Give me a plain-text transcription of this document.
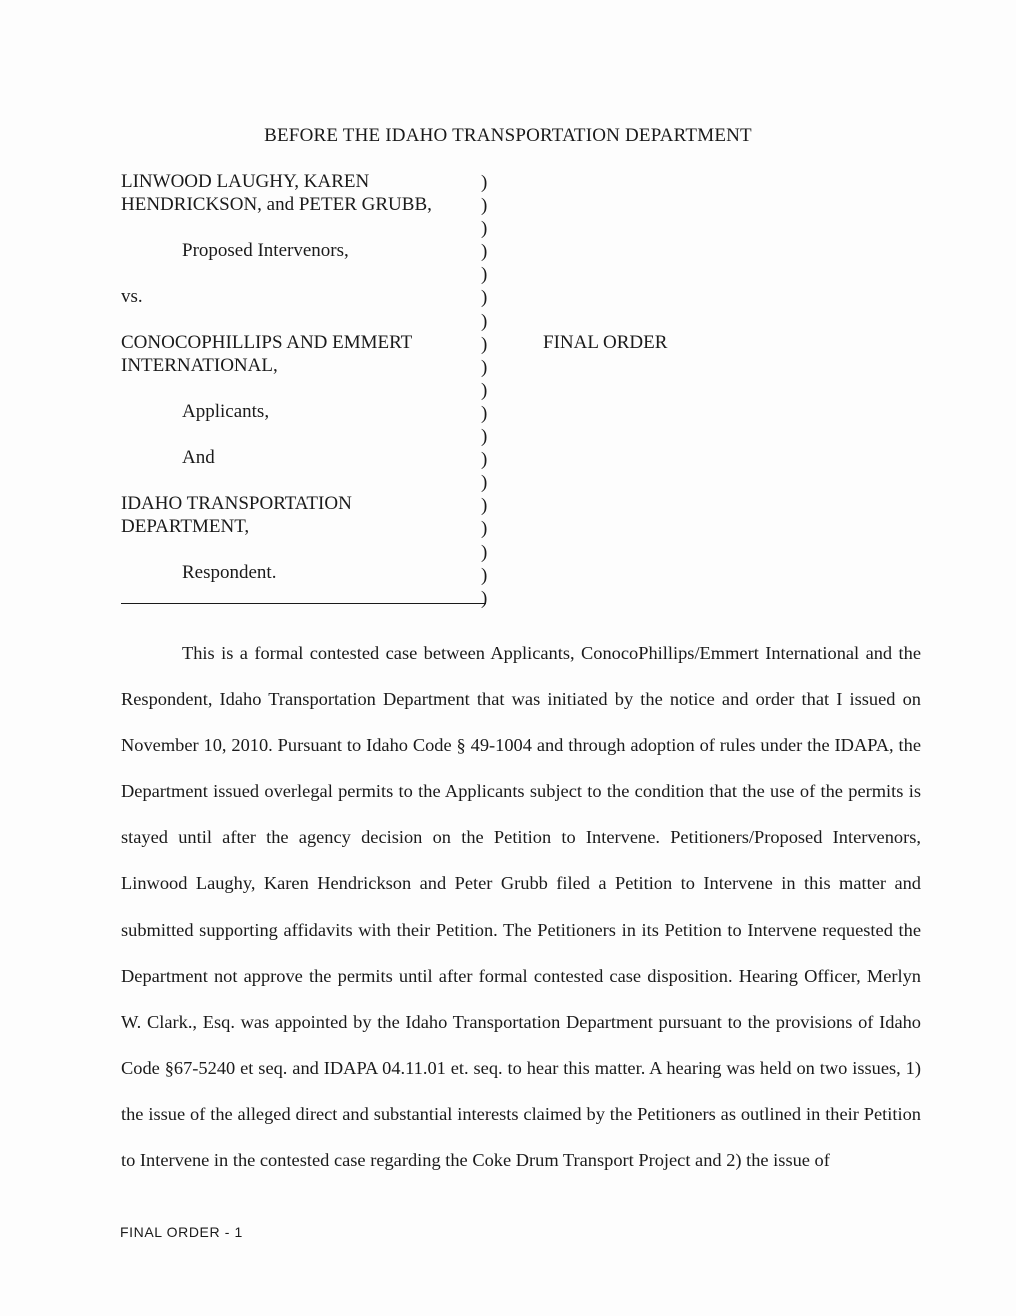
BEFORE THE IDAHO TRANSPORTATION DEPARTMENT
LINWOOD LAUGHY, KAREN
HENDRICKSON, and PETER GRUBB,
Proposed Intervenors,
vs.
CONOCOPHILLIPS AND EMMERT
INTERNATIONAL,
Applicants,
And
IDAHO TRANSPORTATION
DEPARTMENT,
Respondent.
)
)
)
)
)
)
)
)
)
)
)
)
)
)
)
)
)
)
)
FINAL ORDER

This is a formal contested case between Applicants, ConocoPhillips/Emmert International and the Respondent, Idaho Transportation Department that was initiated by the notice and order that I issued on November 10, 2010. Pursuant to Idaho Code § 49-1004 and through adoption of rules under the IDAPA, the Department issued overlegal permits to the Applicants subject to the condition that the use of the permits is stayed until after the agency decision on the Petition to Intervene. Petitioners/Proposed Intervenors, Linwood Laughy, Karen Hendrickson and Peter Grubb filed a Petition to Intervene in this matter and submitted supporting affidavits with their Petition. The Petitioners in its Petition to Intervene requested the Department not approve the permits until after formal contested case disposition. Hearing Officer, Merlyn W. Clark., Esq. was appointed by the Idaho Transportation Department pursuant to the provisions of Idaho Code §67-5240 et seq. and IDAPA 04.11.01 et. seq. to hear this matter. A hearing was held on two issues, 1) the issue of the alleged direct and substantial interests claimed by the Petitioners as outlined in their Petition to Intervene in the contested case regarding the Coke Drum Transport Project and 2) the issue of

FINAL ORDER - 1
